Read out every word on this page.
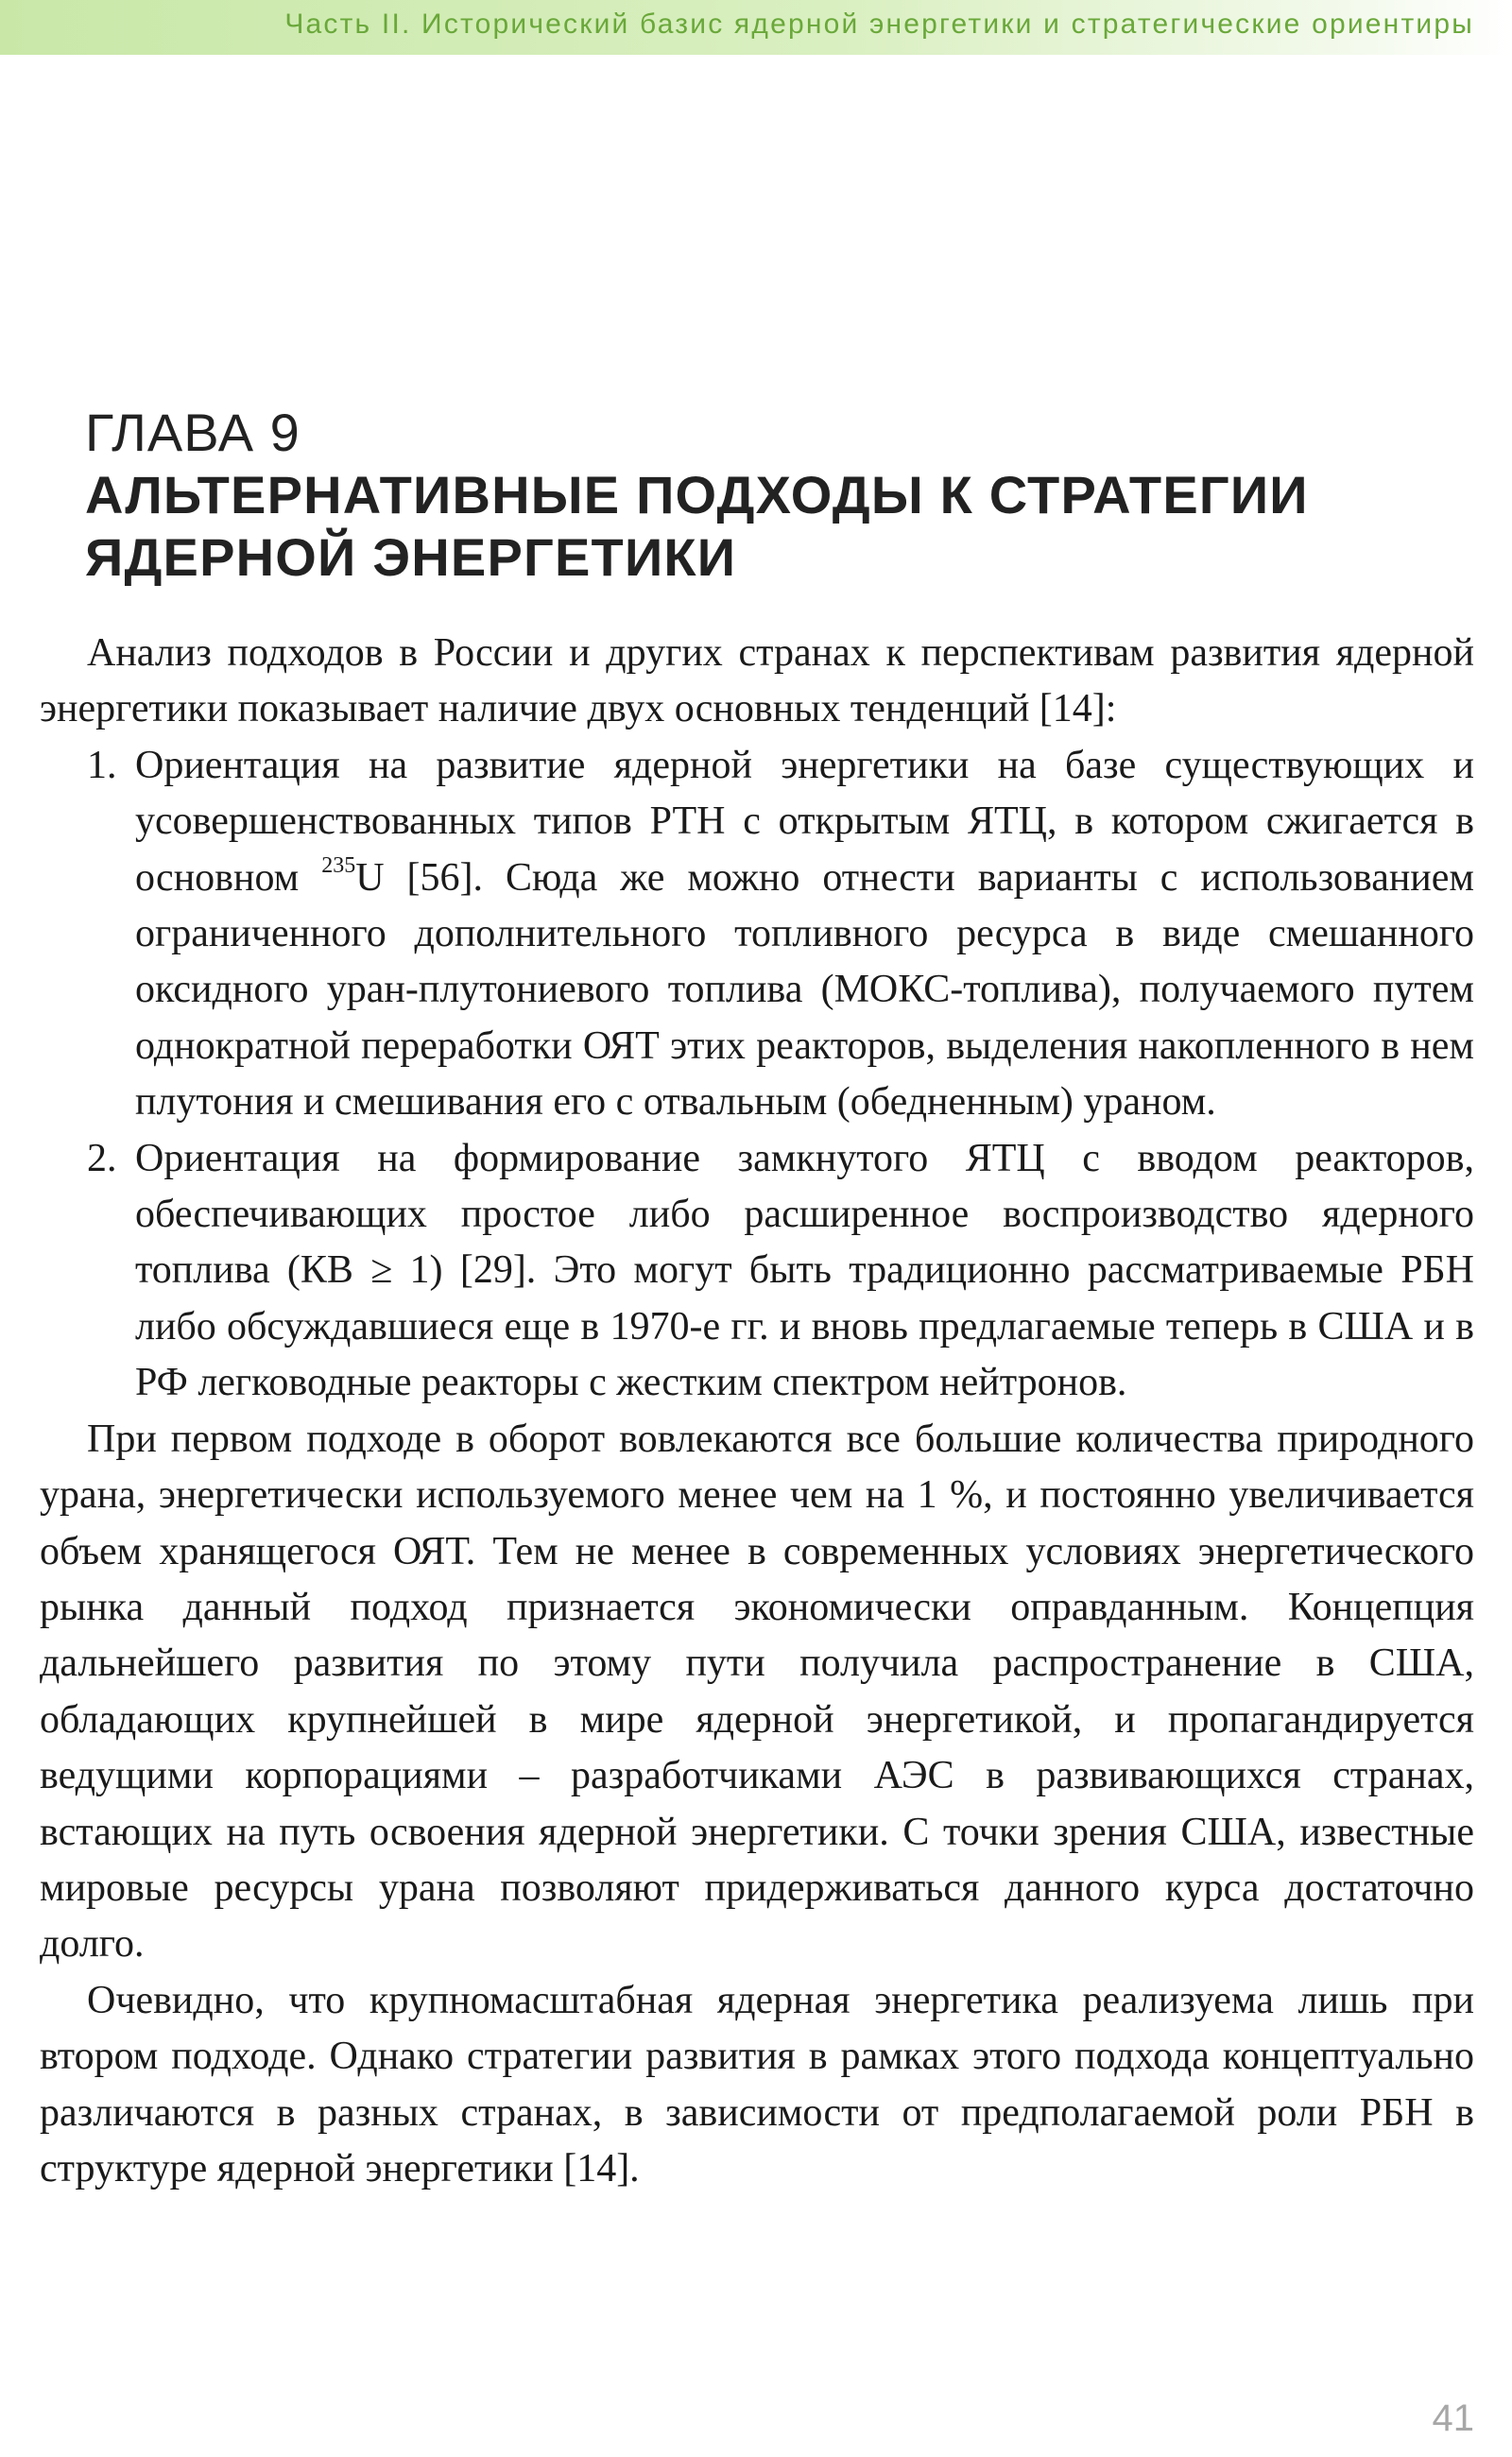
Часть II. Исторический базис ядерной энергетики и стратегические ориентиры
ГЛАВА 9
АЛЬТЕРНАТИВНЫЕ ПОДХОДЫ К СТРАТЕГИИ
ЯДЕРНОЙ ЭНЕРГЕТИКИ

Анализ подходов в России и других странах к перспективам развития ядерной энергетики показывает наличие двух основных тенденций [14]:

1. Ориентация на развитие ядерной энергетики на базе существующих и усовершенствованных типов РТН с открытым ЯТЦ, в котором сжигается в основном $^{235}$U [56]. Сюда же можно отнести варианты с использованием ограниченного дополнительного топливного ресурса в виде смешанного оксидного уран-плутониевого топлива (МОКС-топлива), получаемого путем однократной переработки ОЯТ этих реакторов, выделения накопленного в нем плутония и смешивания его с отвальным (обедненным) ураном.
2. Ориентация на формирование замкнутого ЯТЦ с вводом реакторов, обеспечивающих простое либо расширенное воспроизводство ядерного топлива (КВ ≥ 1) [29]. Это могут быть традиционно рассматриваемые РБН либо обсуждавшиеся еще в 1970-е гг. и вновь предлагаемые теперь в США и в РФ легководные реакторы с жестким спектром нейтронов.

При первом подходе в оборот вовлекаются все большие количества природного урана, энергетически используемого менее чем на 1 %, и постоянно увеличивается объем хранящегося ОЯТ. Тем не менее в современных условиях энергетического рынка данный подход признается экономически оправданным. Концепция дальнейшего развития по этому пути получила распространение в США, обладающих крупнейшей в мире ядерной энергетикой, и пропагандируется ведущими корпорациями – разработчиками АЭС в развивающихся странах, встающих на путь освоения ядерной энергетики. С точки зрения США, известные мировые ресурсы урана позволяют придерживаться данного курса достаточно долго.

Очевидно, что крупномасштабная ядерная энергетика реализуема лишь при втором подходе. Однако стратегии развития в рамках этого подхода концептуально различаются в разных странах, в зависимости от предполагаемой роли РБН в структуре ядерной энергетики [14].

41
